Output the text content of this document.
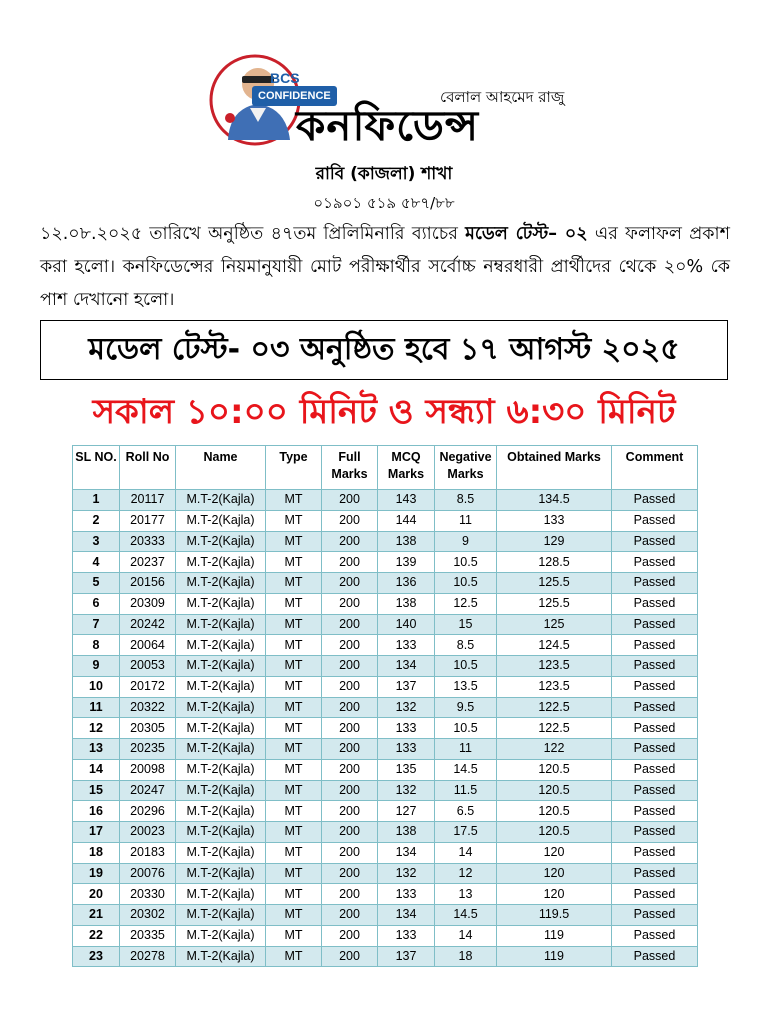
BCS
CONFIDENCE	বেলাল আহমেদ রাজু
কনফিডেন্স
রাবি (কাজলা) শাখা
০১৯০১ ৫১৯ ৫৮৭/৮৮
১২.০৮.২০২৫ তারিখে অনুষ্ঠিত ৪৭তম প্রিলিমিনারি ব্যাচের মডেল টেস্ট– ০২ এর ফলাফল প্রকাশ করা হলো। কনফিডেন্সের নিয়মানুযায়ী মোট পরীক্ষার্থীর সর্বোচ্চ নম্বরধারী প্রার্থীদের থেকে ২০% কে পাশ দেখানো হলো।
মডেল টেস্ট- ০৩ অনুষ্ঠিত হবে ১৭ আগস্ট ২০২৫
সকাল ১০:০০ মিনিট ও সন্ধ্যা ৬:৩০ মিনিট
SL NO.	Roll No	Name	Type	Full Marks	MCQ Marks	Negative Marks	Obtained Marks	Comment
1	20117	M.T-2(Kajla)	MT	200	143	8.5	134.5	Passed
2	20177	M.T-2(Kajla)	MT	200	144	11	133	Passed
3	20333	M.T-2(Kajla)	MT	200	138	9	129	Passed
4	20237	M.T-2(Kajla)	MT	200	139	10.5	128.5	Passed
5	20156	M.T-2(Kajla)	MT	200	136	10.5	125.5	Passed
6	20309	M.T-2(Kajla)	MT	200	138	12.5	125.5	Passed
7	20242	M.T-2(Kajla)	MT	200	140	15	125	Passed
8	20064	M.T-2(Kajla)	MT	200	133	8.5	124.5	Passed
9	20053	M.T-2(Kajla)	MT	200	134	10.5	123.5	Passed
10	20172	M.T-2(Kajla)	MT	200	137	13.5	123.5	Passed
11	20322	M.T-2(Kajla)	MT	200	132	9.5	122.5	Passed
12	20305	M.T-2(Kajla)	MT	200	133	10.5	122.5	Passed
13	20235	M.T-2(Kajla)	MT	200	133	11	122	Passed
14	20098	M.T-2(Kajla)	MT	200	135	14.5	120.5	Passed
15	20247	M.T-2(Kajla)	MT	200	132	11.5	120.5	Passed
16	20296	M.T-2(Kajla)	MT	200	127	6.5	120.5	Passed
17	20023	M.T-2(Kajla)	MT	200	138	17.5	120.5	Passed
18	20183	M.T-2(Kajla)	MT	200	134	14	120	Passed
19	20076	M.T-2(Kajla)	MT	200	132	12	120	Passed
20	20330	M.T-2(Kajla)	MT	200	133	13	120	Passed
21	20302	M.T-2(Kajla)	MT	200	134	14.5	119.5	Passed
22	20335	M.T-2(Kajla)	MT	200	133	14	119	Passed
23	20278	M.T-2(Kajla)	MT	200	137	18	119	Passed
